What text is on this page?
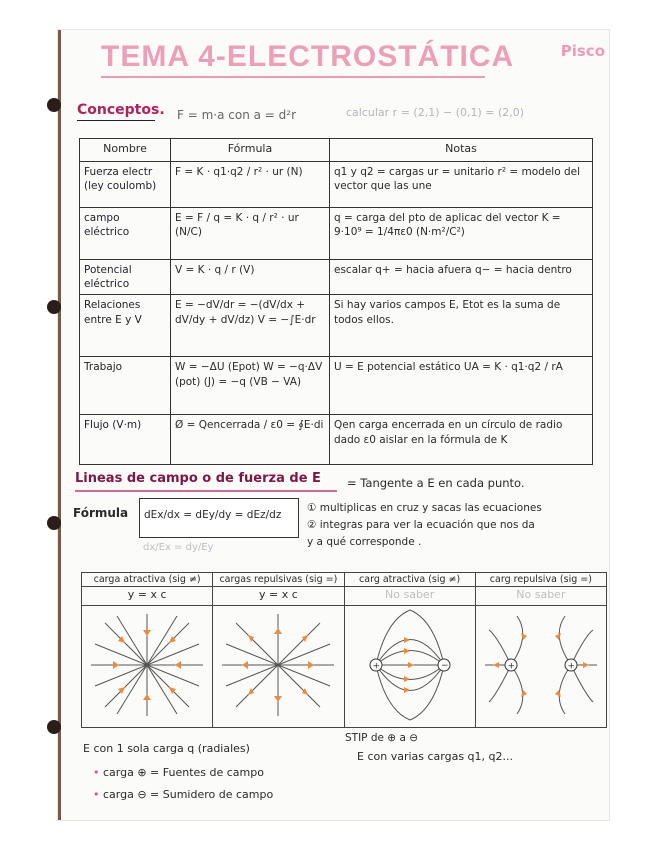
TEMA 4-ELECTROSTÁTICA	Pisco
Conceptos. F = m·a con a = d²r	calcular r = (2,1) − (0,1) = (2,0)
Nombre	Fórmula	Notas
Fuerza electr (ley coulomb)	F = K · q1·q2 / r² · ur (N)	q1 y q2 = cargas ur = unitario r² = modelo del vector que las une
campo eléctrico	E = F / q = K · q / r² · ur (N/C)	q = carga del pto de aplicac del vector K = 9·10⁹ = 1/4πε0 (N·m²/C²)
Potencial eléctrico	V = K · q / r (V)	escalar q+ = hacia afuera q− = hacia dentro
Relaciones entre E y V	E = −dV/dr = −(dV/dx + dV/dy + dV/dz) V = −∫E·dr	Si hay varios campos E, Etot es la suma de todos ellos.
Trabajo	W = −ΔU (Epot) W = −q·ΔV (pot) (J) = −q (VB − VA)	U = E potencial estático UA = K · q1·q2 / rA
Flujo (V·m)	Ø = Qencerrada / ε0 = ∮E·di	Qen carga encerrada en un círculo de radio dado ε0 aislar en la fórmula de K
Lineas de campo o de fuerza de E = Tangente a E en cada punto.
Fórmula dEx/dx = dEy/dy = dEz/dz
① multiplicas en cruz y sacas las ecuaciones
② integras para ver la ecuación que nos da
y a qué corresponde .
dx/Ex = dy/Ey
carga atractiva (sig ≠)	cargas repulsivas (sig =)	carg atractiva (sig ≠)	carg repulsiva (sig =)
y = x c	y = x c	No saber	No saber

+ −	+ +
STIP de ⊕ a ⊖
E con 1 sola carga q (radiales)
E con varias cargas q1, q2...
• carga ⊕ = Fuentes de campo
• carga ⊖ = Sumidero de campo
